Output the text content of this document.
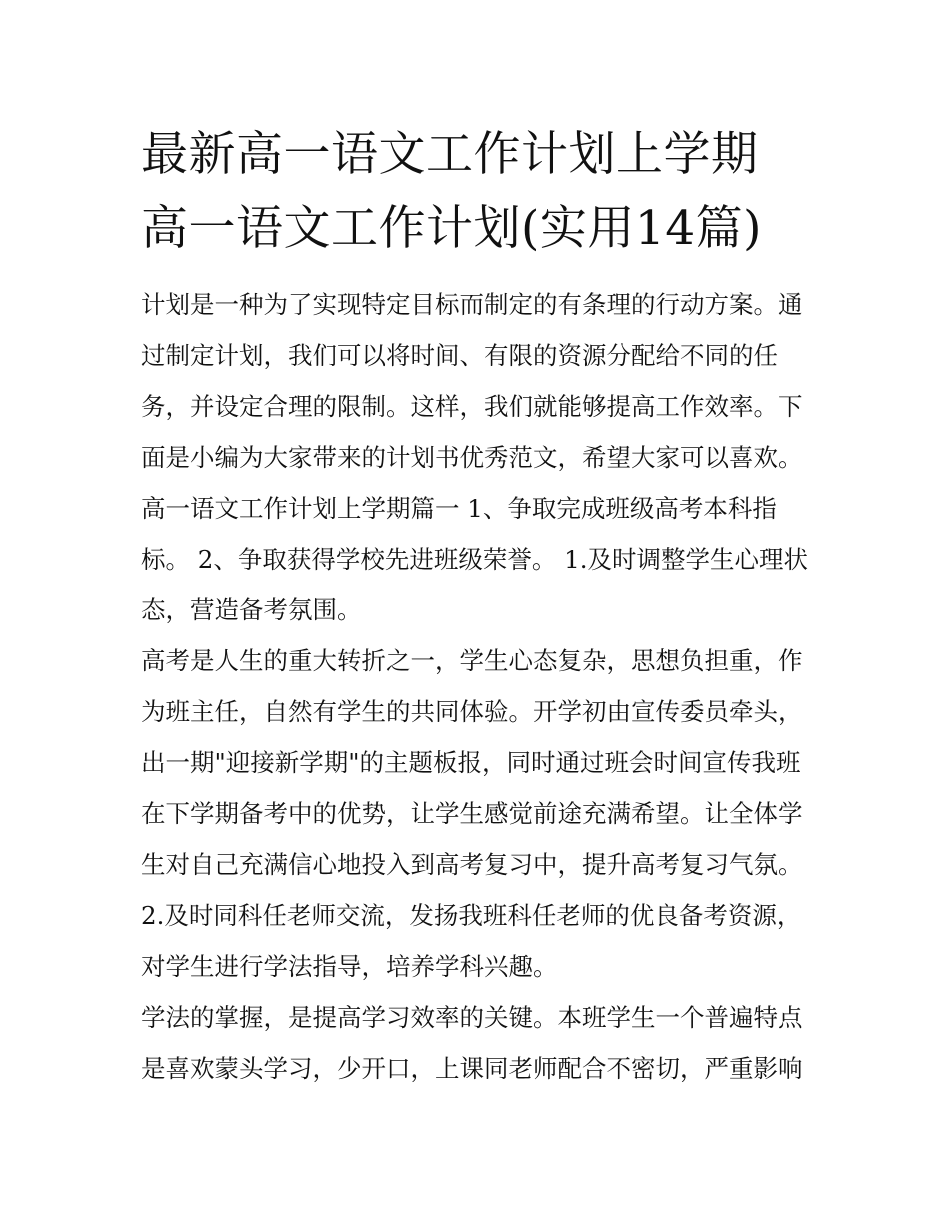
最新高一语文工作计划上学期
高一语文工作计划(实用14篇)
计划是一种为了实现特定目标而制定的有条理的行动方案。通
过制定计划，我们可以将时间、有限的资源分配给不同的任
务，并设定合理的限制。这样，我们就能够提高工作效率。下
面是小编为大家带来的计划书优秀范文，希望大家可以喜欢。
高一语文工作计划上学期篇一 1、争取完成班级高考本科指
标。 2、争取获得学校先进班级荣誉。 1.及时调整学生心理状
态，营造备考氛围。
高考是人生的重大转折之一，学生心态复杂，思想负担重，作
为班主任，自然有学生的共同体验。开学初由宣传委员牵头，
出一期"迎接新学期"的主题板报，同时通过班会时间宣传我班
在下学期备考中的优势，让学生感觉前途充满希望。让全体学
生对自己充满信心地投入到高考复习中，提升高考复习气氛。
2.及时同科任老师交流，发扬我班科任老师的优良备考资源，
对学生进行学法指导，培养学科兴趣。
学法的掌握，是提高学习效率的关键。本班学生一个普遍特点
是喜欢蒙头学习，少开口，上课同老师配合不密切，严重影响
